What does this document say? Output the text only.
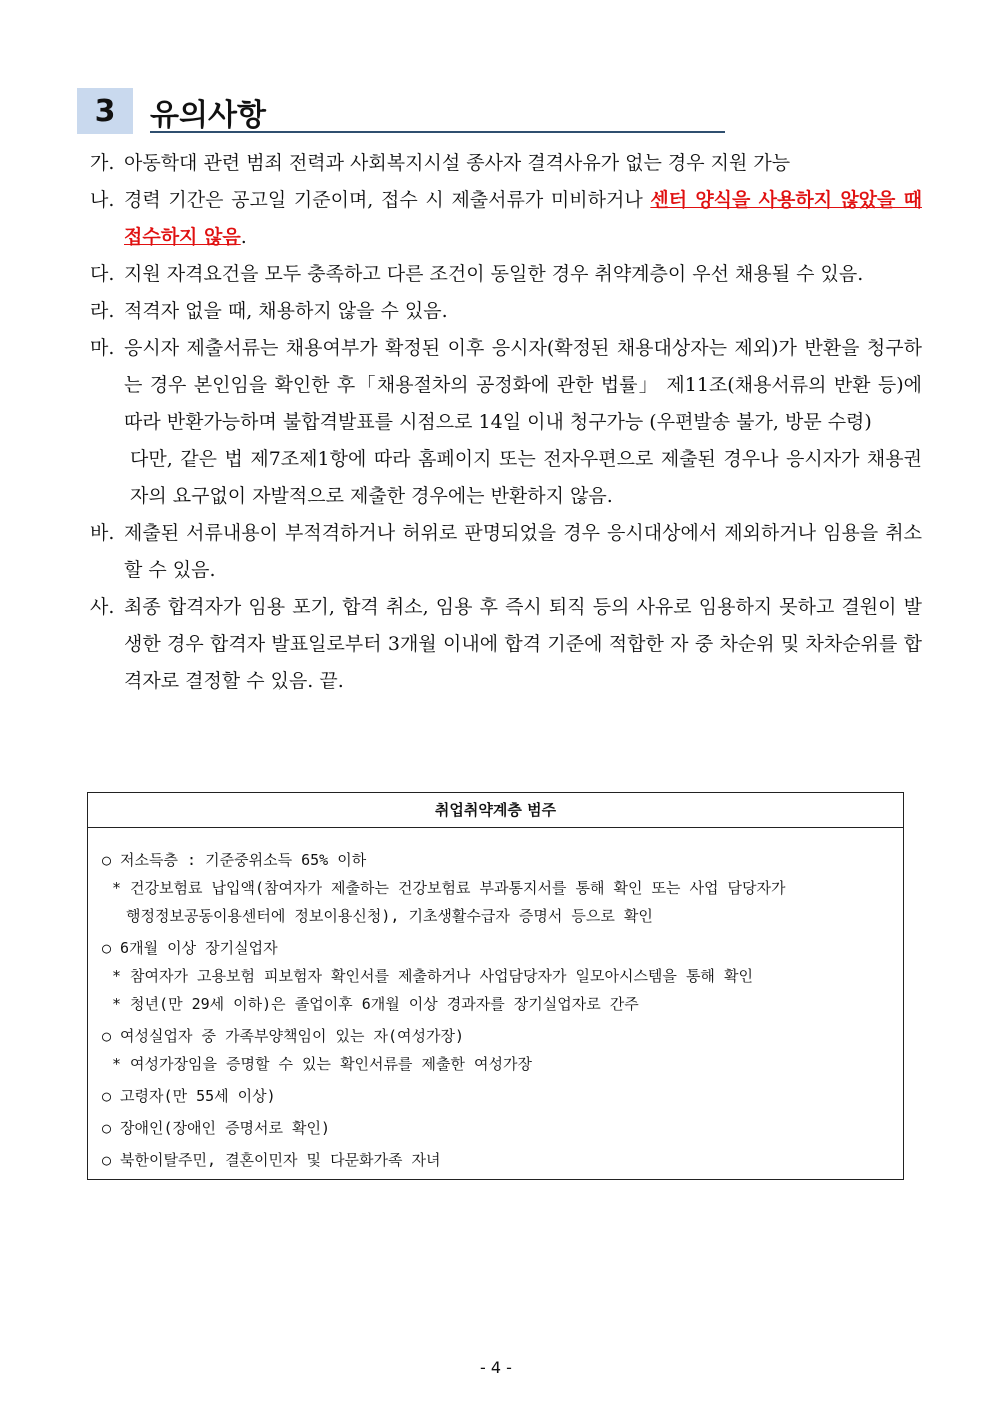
3	유의사항
가. 아동학대 관련 범죄 전력과 사회복지시설 종사자 결격사유가 없는 경우 지원 가능
나. 경력 기간은 공고일 기준이며, 접수 시 제출서류가 미비하거나 센터 양식을 사용하지 않았을 때 접수하지 않음.
다. 지원 자격요건을 모두 충족하고 다른 조건이 동일한 경우 취약계층이 우선 채용될 수 있음.
라. 적격자 없을 때, 채용하지 않을 수 있음.
마. 응시자 제출서류는 채용여부가 확정된 이후 응시자(확정된 채용대상자는 제외)가 반환을 청구하는 경우 본인임을 확인한 후「채용절차의 공정화에 관한 법률」 제11조(채용서류의 반환 등)에 따라 반환가능하며 불합격발표를 시점으로 14일 이내 청구가능 (우편발송 불가, 방문 수령)
다만, 같은 법 제7조제1항에 따라 홈페이지 또는 전자우편으로 제출된 경우나 응시자가 채용권자의 요구없이 자발적으로 제출한 경우에는 반환하지 않음.
바. 제출된 서류내용이 부적격하거나 허위로 판명되었을 경우 응시대상에서 제외하거나 임용을 취소할 수 있음.
사. 최종 합격자가 임용 포기, 합격 취소, 임용 후 즉시 퇴직 등의 사유로 임용하지 못하고 결원이 발생한 경우 합격자 발표일로부터 3개월 이내에 합격 기준에 적합한 자 중 차순위 및 차차순위를 합격자로 결정할 수 있음. 끝.
취업취약계층 범주
○ 저소득층 : 기준중위소득 65% 이하
* 건강보험료 납입액(참여자가 제출하는 건강보험료 부과통지서를 통해 확인 또는 사업 담당자가
행정정보공동이용센터에 정보이용신청), 기초생활수급자 증명서 등으로 확인
○ 6개월 이상 장기실업자
* 참여자가 고용보험 피보험자 확인서를 제출하거나 사업담당자가 일모아시스템을 통해 확인
* 청년(만 29세 이하)은 졸업이후 6개월 이상 경과자를 장기실업자로 간주
○ 여성실업자 중 가족부양책임이 있는 자(여성가장)
* 여성가장임을 증명할 수 있는 확인서류를 제출한 여성가장
○ 고령자(만 55세 이상)
○ 장애인(장애인 증명서로 확인)
○ 북한이탈주민, 결혼이민자 및 다문화가족 자녀
- 4 -
